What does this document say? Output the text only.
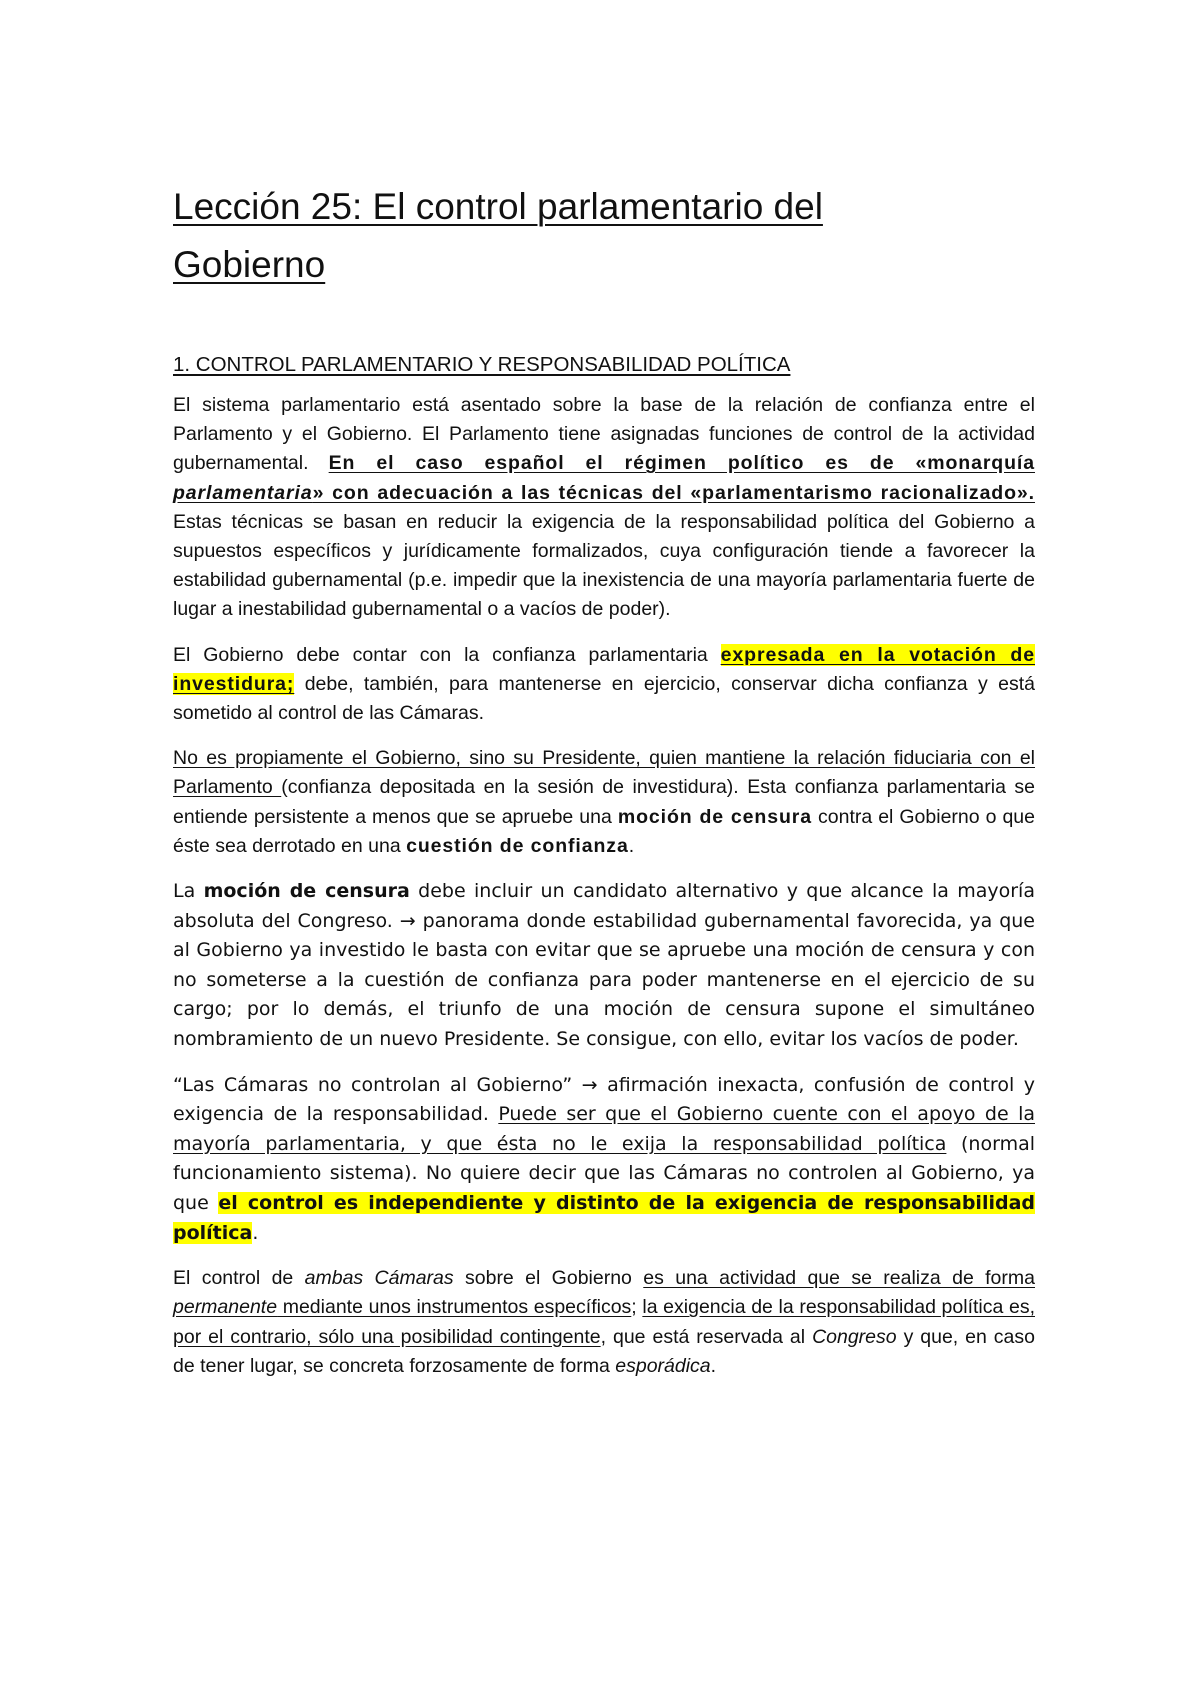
Lección 25: El control parlamentario del
Gobierno
1. CONTROL PARLAMENTARIO Y RESPONSABILIDAD POLÍTICA

El sistema parlamentario está asentado sobre la base de la relación de confianza entre el Parlamento y el Gobierno. El Parlamento tiene asignadas funciones de control de la actividad gubernamental. En el caso español el régimen político es de «monarquía parlamentaria» con adecuación a las técnicas del «parlamentarismo racionalizado». Estas técnicas se basan en reducir la exigencia de la responsabilidad política del Gobierno a supuestos específicos y jurídicamente formalizados, cuya configuración tiende a favorecer la estabilidad gubernamental (p.e. impedir que la inexistencia de una mayoría parlamentaria fuerte de lugar a inestabilidad gubernamental o a vacíos de poder).

El Gobierno debe contar con la confianza parlamentaria expresada en la votación de investidura; debe, también, para mantenerse en ejercicio, conservar dicha confianza y está sometido al control de las Cámaras.

No es propiamente el Gobierno, sino su Presidente, quien mantiene la relación fiduciaria con el Parlamento (confianza depositada en la sesión de investidura). Esta confianza parlamentaria se entiende persistente a menos que se apruebe una moción de censura contra el Gobierno o que éste sea derrotado en una cuestión de confianza.

La moción de censura debe incluir un candidato alternativo y que alcance la mayoría absoluta del Congreso. → panorama donde estabilidad gubernamental favorecida, ya que al Gobierno ya investido le basta con evitar que se apruebe una moción de censura y con no someterse a la cuestión de confianza para poder mantenerse en el ejercicio de su cargo; por lo demás, el triunfo de una moción de censura supone el simultáneo nombramiento de un nuevo Presidente. Se consigue, con ello, evitar los vacíos de poder.

“Las Cámaras no controlan al Gobierno” → afirmación inexacta, confusión de control y exigencia de la responsabilidad. Puede ser que el Gobierno cuente con el apoyo de la mayoría parlamentaria, y que ésta no le exija la responsabilidad política (normal funcionamiento sistema). No quiere decir que las Cámaras no controlen al Gobierno, ya que el control es independiente y distinto de la exigencia de responsabilidad política.

El control de ambas Cámaras sobre el Gobierno es una actividad que se realiza de forma permanente mediante unos instrumentos específicos; la exigencia de la responsabilidad política es, por el contrario, sólo una posibilidad contingente, que está reservada al Congreso y que, en caso de tener lugar, se concreta forzosamente de forma esporádica.
